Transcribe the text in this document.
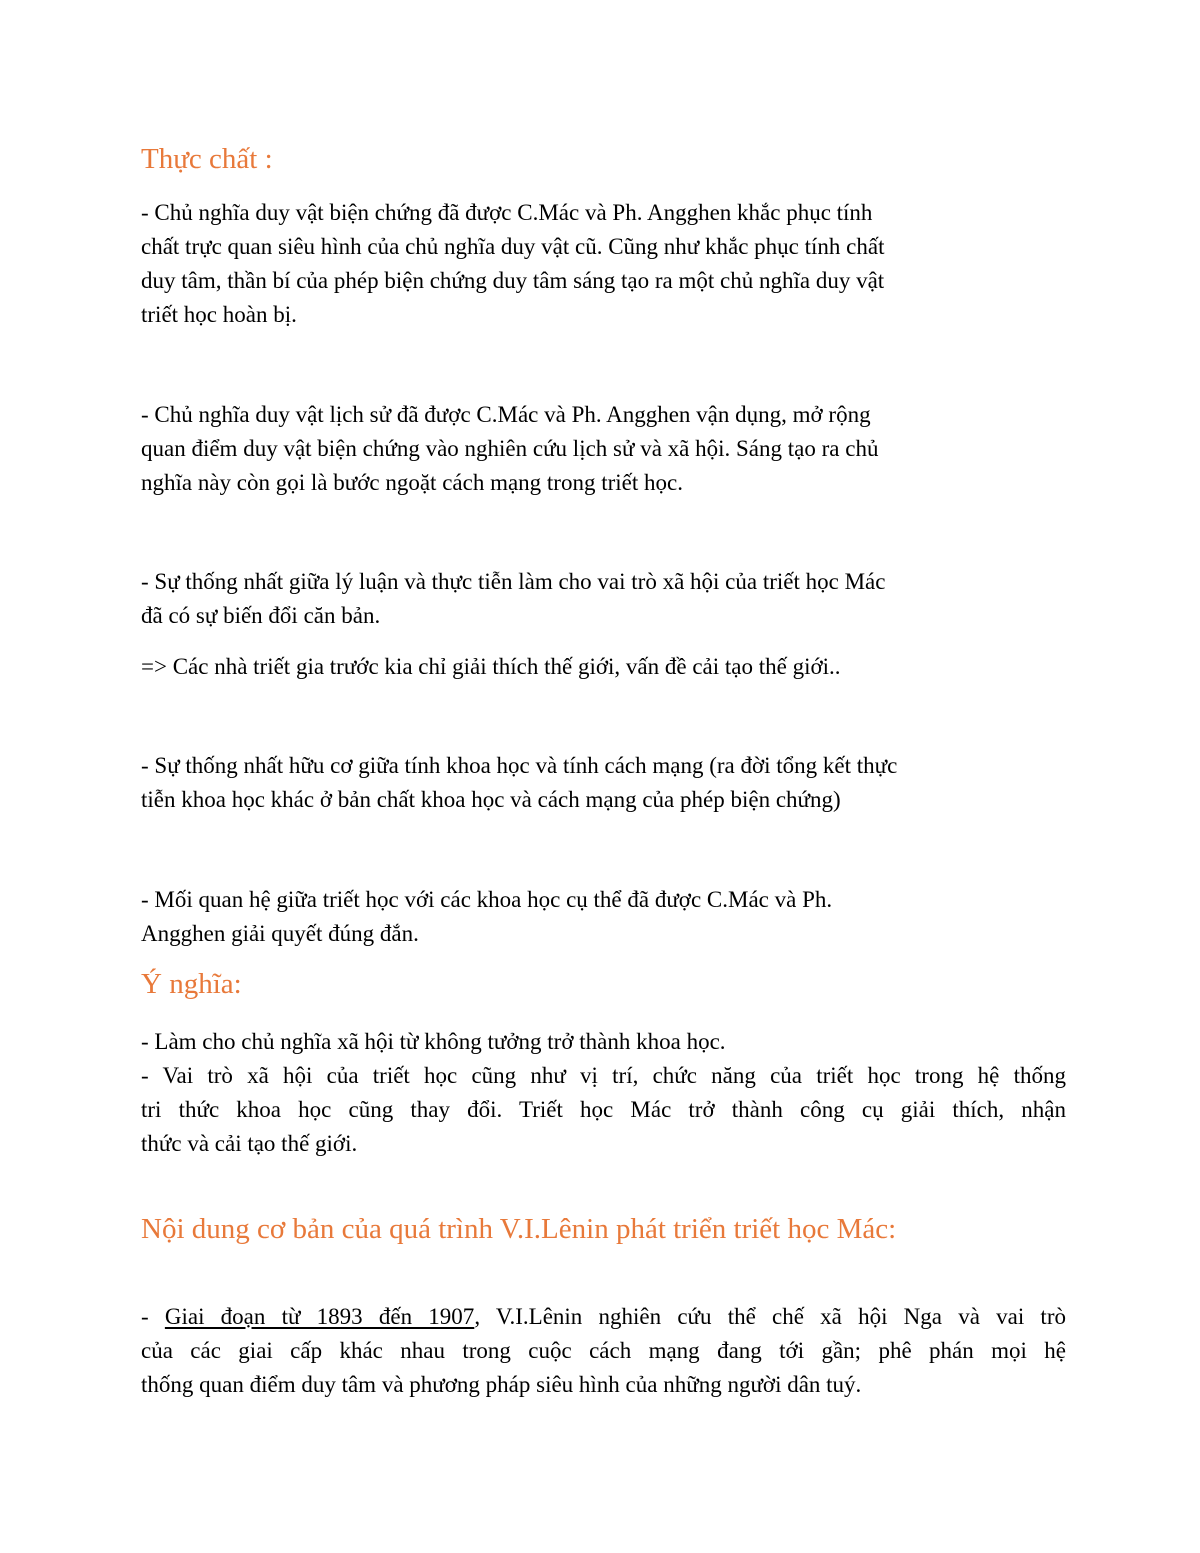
Thực chất :

- Chủ nghĩa duy vật biện chứng đã được C.Mác và Ph. Angghen khắc phục tính
chất trực quan siêu hình của chủ nghĩa duy vật cũ. Cũng như khắc phục tính chất
duy tâm, thần bí của phép biện chứng duy tâm sáng tạo ra một chủ nghĩa duy vật
triết học hoàn bị.

- Chủ nghĩa duy vật lịch sử đã được C.Mác và Ph. Angghen vận dụng, mở rộng
quan điểm duy vật biện chứng vào nghiên cứu lịch sử và xã hội. Sáng tạo ra chủ
nghĩa này còn gọi là bước ngoặt cách mạng trong triết học.

- Sự thống nhất giữa lý luận và thực tiễn làm cho vai trò xã hội của triết học Mác
đã có sự biến đổi căn bản.

=> Các nhà triết gia trước kia chỉ giải thích thế giới, vấn đề cải tạo thế giới..

- Sự thống nhất hữu cơ giữa tính khoa học và tính cách mạng (ra đời tổng kết thực
tiễn khoa học khác ở bản chất khoa học và cách mạng của phép biện chứng)

- Mối quan hệ giữa triết học với các khoa học cụ thể đã được C.Mác và Ph.
Angghen giải quyết đúng đắn.

Ý nghĩa:

- Làm cho chủ nghĩa xã hội từ không tưởng trở thành khoa học.
- Vai trò xã hội của triết học cũng như vị trí, chức năng của triết học trong hệ thống
tri thức khoa học cũng thay đổi. Triết học Mác trở thành công cụ giải thích, nhận
thức và cải tạo thế giới.

Nội dung cơ bản của quá trình V.I.Lênin phát triển triết học Mác:

- Giai đoạn từ 1893 đến 1907, V.I.Lênin nghiên cứu thể chế xã hội Nga và vai trò
của các giai cấp khác nhau trong cuộc cách mạng đang tới gần; phê phán mọi hệ
thống quan điểm duy tâm và phương pháp siêu hình của những người dân tuý.
